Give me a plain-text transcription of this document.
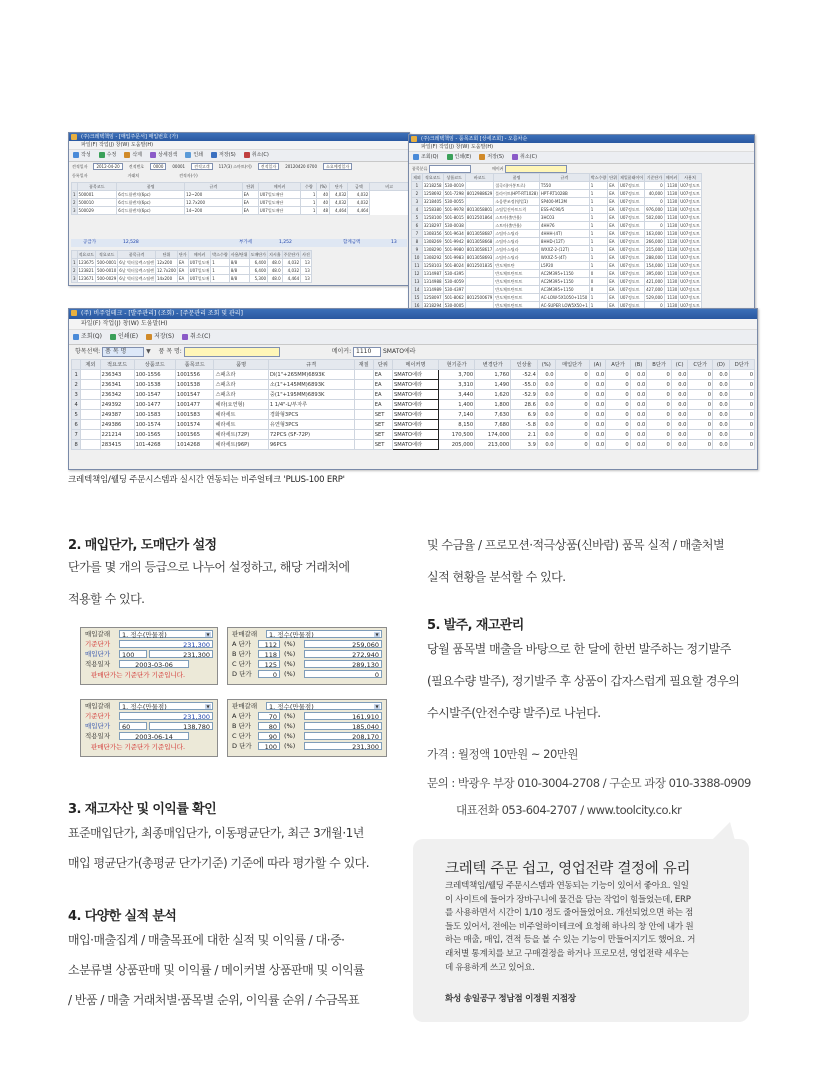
(주)크레텍책임 - [매입주문서] 매입번호 (가)
파일(F) 작업(J) 창(W) 도움말(H)
작성	수정	삭제	상세검색	인쇄	저장(S)	취소(C)
견적일자 2012-04-20 견적번호 0000 00001 견적고객 117(3) 스마트(이) 견적일자 20120420 0700 소요예정일자
등록일자	거래처	견적자(수)
	품목코드	품명	규격	단위	메이커	수량	(%)	단가	금액	비고
1	500001	6각드릴렌치(6pc)	12~200	EA	U07일도매단	1	40	4,032	4,032	
2	500010	6각드릴렌치(6pc)	12.7x200	EA	U07일도매단	1	40	4,032	4,032	
3	500029	6각드릴렌치(6pc)	14~200	EA	U07일도매단	1	48	4,464	4,464	
공급가	12,528	부가세	1,252	합계금액	13
	적요코드	적요코드	품목규격	단위	단가	메이커	박스수량	사용/단위	도매단가	지시율	주문단가	사진
1	123675	500-0001	6날 빅터물렉스틸렌	12x200	EA	U07일도매	1	8/8	6,400	48.0	4,032	13
2	123821	500-0010	6날 빅터물렉스틸렌	12.7x200	EA	U07일도매	1	8/8	6,400	48.0	4,032	13
3	123671	500-0029	6날 빅터물렉스틸렌	14x200	EA	U07일도매	1	8/8	5,300	48.0	4,464	13
(주)크레텍책임 - 품목조회 [상세조회] - 오름차순
파일(F) 작업(J) 창(W) 도움말(H)
조회(Q)	인쇄(E)	저장(S)	취소(C)
품목분류	메이커
제외	적요코드	상품코드	바코드	품명	규격	박스수량	단위	제일품태이어	기준단가	메이커	사용처
1	3218258	530-0019		절곡러(아봉트로)	T550	1	EA	U07정도트	0	1130	U07정도트
2	1258692	501-7298	8012988629	플라이트(HPT-RT1028)	HPT-RT1028B	1	EA	U07정도트	40,000	1130	U07정도트
3	3218405	530-0055		소음뿐조정(영업1)	SP400-M12M	1	EA	U07정도트	0	1130	U07정도트
4	1258380	501-9978	8013058801	스팀일진아트드릭	ESS-AC90/5	1	EA	U07정도트	976,000	1130	U07정도트
5	1258100	501-8015	8012501864	스트마(출만율)	3HC03	1	EA	U07정도트	502,000	1130	U07정도트
6	3218297	530-0038		스트마(출만율)	4HH76	1	EA	U07정도트	0	1130	U07정도트
7	1308356	501-9634	8013058687	스팀마스틸라	4HHH-(4T)	1	EA	U07정도트	163,000	1130	U07정도트
8	1308269	501-9942	8013058668	스팀마스틸라	8HHD-(12T)	1	EA	U07정도트	266,000	1130	U07정도트
9	1308290	501-9980	8013058617	스팀마스틸라	WXXZ-2-(12T)	1	EA	U07정도트	215,000	1130	U07정도트
10	1308292	501-9983	8013058693	스팀마스틸라	WXXZ-5-(4T)	1	EA	U07정도트	288,000	1130	U07정도트
11	1258103	501-8024	8012501835	반도체트탄	L5P20	1	EA	U07정도트	154,000	1130	U07정도트
12	1314987	530-4395		반도체트탄트트	AC2M395+1150	0	EA	U07정도트	395,000	1130	U07정도트
13	1314988	530-4059		반도체트탄트트	AC2M395+1150	0	EA	U07정도트	421,000	1130	U07정도트
14	1314989	530-4397		반도체트탄트트	AC3M395+1150	0	EA	U07정도트	427,000	1130	U07정도트
15	1258097	501-8062	8012500679	반도체트탄트트	AC-LOW-5X1050+1150	1	EA	U07정도트	529,000	1130	U07정도트
16	3218294	530-0005		반도체트탄트트	AC-SUPER LOW5X50+1	1	EA	U07정도트	0	1130	U07정도트

(주) 비주얼테크 - [발주관리] (조회) - [주문관리 조회 및 관리]
파일(F) 작업(J) 창(W) 도움말(H)
조회(Q)	인쇄(E)	저장(S)	취소(C)
항목선택: 품 목 명	▼ 품 목 명:	메이커: 1110 SMATO에라
	제외	적요코드	상품코드	품목코드	품명	규격	재질	단위	메이커명	현기준가	변경단가	인상율	(%)	매입단가	(A)	A단가	(B)	B단가	(C)	C단가	(D)	D단가
1		236343	100-1556	1001556	스패츠라	Dl(1"+265MM)6893K		EA	SMATO에라	3,700	1,760	-52.4	0.0	0	0.0	0	0.0	0	0.0	0	0.0	0
2		236341	100-1538	1001538	스패츠라	소(1"+145MM)6893K		EA	SMATO에라	3,310	1,490	-55.0	0.0	0	0.0	0	0.0	0	0.0	0	0.0	0
3		236342	100-1547	1001547	스패츠라	중(1"+195MM)6893K		EA	SMATO에라	3,440	1,620	-52.9	0.0	0	0.0	0	0.0	0	0.0	0	0.0	0
4		249392	100-1477	1001477	헤라(요연형)	1 1/4"-L/부자루		EA	SMATO에라	1,400	1,800	28.6	0.0	0	0.0	0	0.0	0	0.0	0	0.0	0
5		249387	100-1583	1001583	헤라세트	경화형3PCS		SET	SMATO에라	7,140	7,630	6.9	0.0	0	0.0	0	0.0	0	0.0	0	0.0	0
6		249386	100-1574	1001574	헤라세트	유연형3PCS		SET	SMATO에라	8,150	7,680	-5.8	0.0	0	0.0	0	0.0	0	0.0	0	0.0	0
7		221214	100-1565	1001565	헤라세트(72P)	72PCS (SF-72P)		SET	SMATO에라	170,500	174,000	2.1	0.0	0	0.0	0	0.0	0	0.0	0	0.0	0
8		283415	101-4268	1014268	헤라세트(96P)	96PCS		SET	SMATO에라	205,000	213,000	3.9	0.0	0	0.0	0	0.0	0	0.0	0	0.0	0
크레텍책임/웰딩 주문시스템과 실시간 연동되는 비주얼테크 'PLUS-100 ERP'
2. 매입단가, 도매단가 설정
단가를 몇 개의 등급으로 나누어 설정하고, 해당 거래처에
적용할 수 있다.
매입갈래	1. 정수(만물점)	▼
기준단가	231,300
매입단가	100	231,300
적용일자	2003-03-06
판매단가는 기준단가 기준입니다.
판매갈래	1. 정수(만물점)	▼
A 단가	112	(%)	259,060
B 단가	118	(%)	272,940
C 단가	125	(%)	289,130
D 단가	0	(%)	0
매입갈래	1. 정수(만물점)	▼
기준단가	231,300
매입단가	60	138,780
적용일자	2003-06-14
판매단가는 기준단가 기준입니다.
판매갈래	1. 정수(만물점)	▼
A 단가	70	(%)	161,910
B 단가	80	(%)	185,040
C 단가	90	(%)	208,170
D 단가	100	(%)	231,300
3. 재고자산 및 이익률 확인
표준매입단가, 최종매입단가, 이동평균단가, 최근 3개월·1년
매입 평균단가(총평균 단가기준) 기준에 따라 평가할 수 있다.
4. 다양한 실적 분석
매입·매출집계 / 매출목표에 대한 실적 및 이익률 / 대·중·
소분류별 상품판매 및 이익률 / 메이커별 상품판매 및 이익률
/ 반품 / 매출 거래처별·품목별 순위, 이익률 순위 / 수금목표
및 수금율 / 프로모션·적극상품(신바람) 품목 실적 / 매출처별
실적 현황을 분석할 수 있다.
5. 발주, 재고관리
당월 품목별 매출을 바탕으로 한 달에 한번 발주하는 정기발주
(필요수량 발주), 정기발주 후 상품이 갑자스럽게 필요할 경우의
수시발주(안전수량 발주)로 나뉜다.
가격 : 월정액 10만원 ~ 20만원
문의 : 박광우 부장 010-3004-2708 / 구순모 과장 010-3388-0909
대표전화 053-604-2707 / www.toolcity.co.kr
크레텍 주문 쉽고, 영업전략 결정에 유리
크레텍책임/웰딩 주문시스템과 연동되는 기능이 있어서 좋아요. 일일
이 사이트에 들어가 장바구니에 물건을 담는 작업이 힘들었는데, ERP
를 사용하면서 시간이 1/10 정도 줄어들었어요. 개선되었으면 하는 점
들도 있어서, 전에는 비주얼하이테크에 요청해 하나의 창 안에 내가 원
하는 매출, 매입, 견적 등을 볼 수 있는 기능이 만들어지기도 했어요. 거
래처별 통계치를 보고 구매결정을 하거나 프로모션, 영업전략 세우는
데 유용하게 쓰고 있어요.
화성 송일공구 정남점 이정원 지점장
